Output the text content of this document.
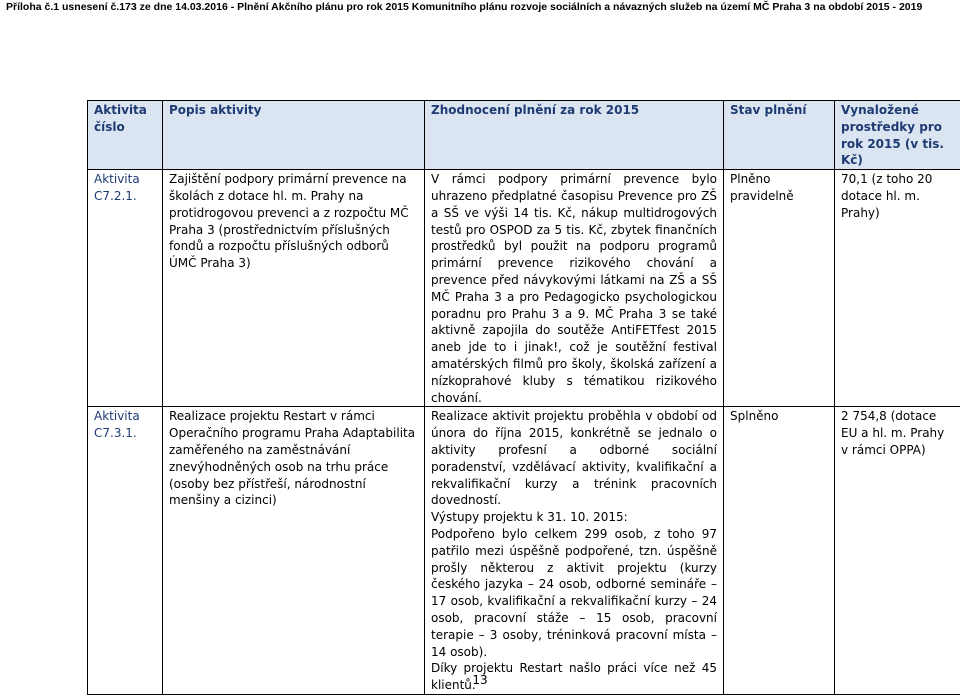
Příloha č.1 usnesení č.173 ze dne 14.03.2016 - Plnění Akčního plánu pro rok 2015 Komunitního plánu rozvoje sociálních a návazných služeb na území MČ Praha 3 na období 2015 - 2019
Aktivita číslo	Popis aktivity	Zhodnocení plnění za rok 2015	Stav plnění	Vynaložené prostředky pro rok 2015 (v tis. Kč)
Aktivita C7.2.1.	Zajištění podpory primární prevence na školách z dotace hl. m. Prahy na protidrogovou prevenci a z rozpočtu MČ Praha 3 (prostřednictvím příslušných fondů a rozpočtu příslušných odborů ÚMČ Praha 3)	V rámci podpory primární prevence bylo uhrazeno předplatné časopisu Prevence pro ZŠ a SŠ ve výši 14 tis. Kč, nákup multidrogových testů pro OSPOD za 5 tis. Kč, zbytek finančních prostředků byl použit na podporu programů primární prevence rizikového chování a prevence před návykovými látkami na ZŠ a SŠ MČ Praha 3 a pro Pedagogicko psychologickou poradnu pro Prahu 3 a 9. MČ Praha 3 se také aktivně zapojila do soutěže AntiFETfest 2015 aneb jde to i jinak!, což je soutěžní festival amatérských filmů pro školy, školská zařízení a nízkoprahové kluby s tématikou rizikového chování.	Plněno pravidelně	70,1 (z toho 20 dotace hl. m. Prahy)
Aktivita C7.3.1.	Realizace projektu Restart v rámci Operačního programu Praha Adaptabilita zaměřeného na zaměstnávání znevýhodněných osob na trhu práce (osoby bez přístřeší, národnostní menšiny a cizinci)	Realizace aktivit projektu proběhla v období od února do října 2015, konkrétně se jednalo o aktivity profesní a odborné sociální poradenství, vzdělávací aktivity, kvalifikační a rekvalifikační kurzy a trénink pracovních dovedností.
Výstupy projektu k 31. 10. 2015:
Podpořeno bylo celkem 299 osob, z toho 97 patřilo mezi úspěšně podpořené, tzn. úspěšně prošly některou z aktivit projektu (kurzy českého jazyka – 24 osob, odborné semináře – 17 osob, kvalifikační a rekvalifikační kurzy – 24 osob, pracovní stáže – 15 osob, pracovní terapie – 3 osoby, tréninková pracovní místa – 14 osob).
Díky projektu Restart našlo práci více než 45 klientů.	Splněno	2 754,8 (dotace EU a hl. m. Prahy v rámci OPPA)
13
